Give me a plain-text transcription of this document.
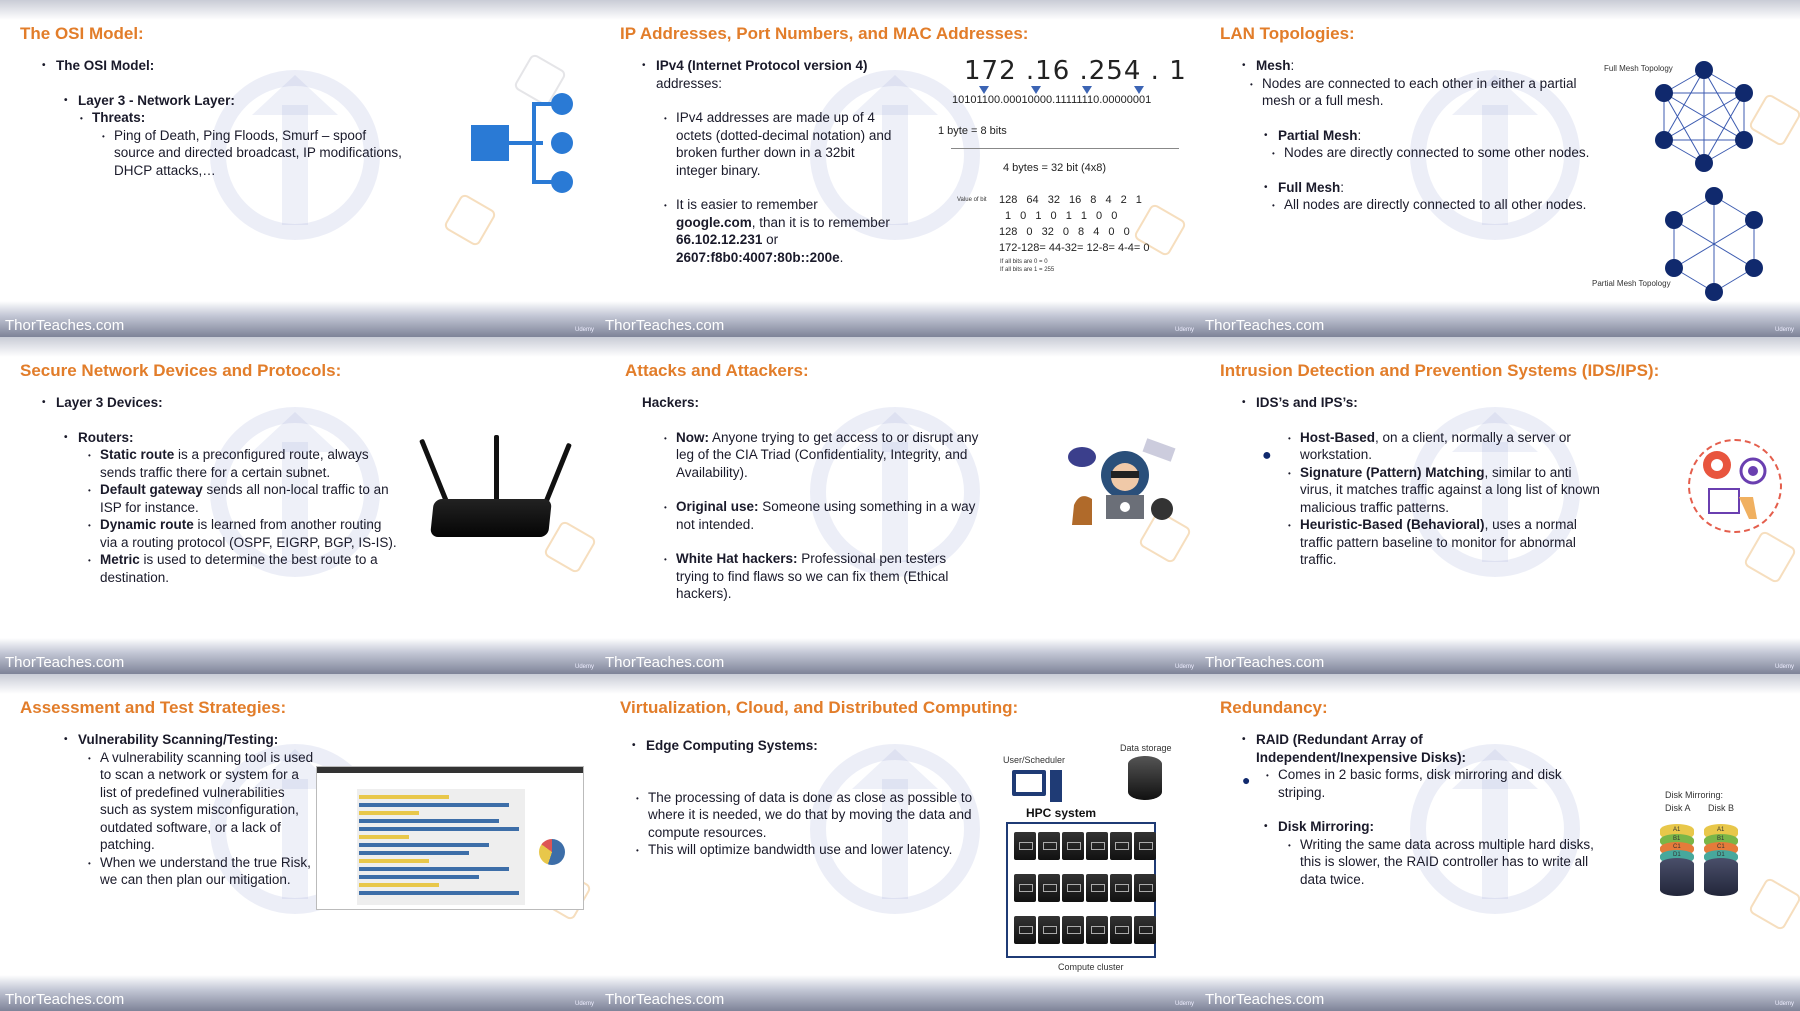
The OSI Model:
• The OSI Model:
• Layer 3 - Network Layer:
• Threats:
• Ping of Death, Ping Floods, Smurf – spoof source and directed broadcast, IP modifications, DHCP attacks,…
ThorTeaches.com	Udemy
IP Addresses, Port Numbers, and MAC Addresses:
• IPv4 (Internet Protocol version 4)
addresses:
• IPv4 addresses are made up of 4 octets (dotted-decimal notation) and broken further down in a 32bit integer binary.
• It is easier to remember
google.com, than it is to remember
66.102.12.231 or
2607:f8b0:4007:80b::200e.
172 .16 .254 . 1
10101100.00010000.11111110.00000001
1 byte = 8 bits
4 bytes = 32 bit (4x8)
Value of bit 128 64 32 16 8 4 2 1
1 0 1 0 1 1 0 0
128 0 32 0 8 4 0 0
172-128= 44-32= 12-8= 4-4= 0
If all bits are 0 = 0
If all bits are 1 = 255
ThorTeaches.com	Udemy
LAN Topologies:
• Mesh:
• Nodes are connected to each other in either a partial mesh or a full mesh.
• Partial Mesh:
• Nodes are directly connected to some other nodes.
• Full Mesh:
• All nodes are directly connected to all other nodes.
Full Mesh Topology
Partial Mesh Topology
ThorTeaches.com	Udemy
Secure Network Devices and Protocols:
• Layer 3 Devices:
• Routers:
• Static route is a preconfigured route, always sends traffic there for a certain subnet.
• Default gateway sends all non-local traffic to an ISP for instance.
• Dynamic route is learned from another routing via a routing protocol (OSPF, EIGRP, BGP, IS-IS).
• Metric is used to determine the best route to a destination.
ThorTeaches.com	Udemy
Attacks and Attackers:
Hackers:
• Now: Anyone trying to get access to or disrupt any leg of the CIA Triad (Confidentiality, Integrity, and Availability).
• Original use: Someone using something in a way not intended.
• White Hat hackers: Professional pen testers trying to find flaws so we can fix them (Ethical hackers).
ThorTeaches.com	Udemy
Intrusion Detection and Prevention Systems (IDS/IPS):
• IDS’s and IPS’s:
• Host-Based, on a client, normally a server or workstation.
• Signature (Pattern) Matching, similar to anti virus, it matches traffic against a long list of known malicious traffic patterns.
• Heuristic-Based (Behavioral), uses a normal traffic pattern baseline to monitor for abnormal traffic.
●
ThorTeaches.com	Udemy
Assessment and Test Strategies:
• Vulnerability Scanning/Testing:
• A vulnerability scanning tool is used to scan a network or system for a list of predefined vulnerabilities such as system misconfiguration, outdated software, or a lack of patching.
• When we understand the true Risk, we can then plan our mitigation.
ThorTeaches.com	Udemy
Virtualization, Cloud, and Distributed Computing:
• Edge Computing Systems:
• The processing of data is done as close as possible to where it is needed, we do that by moving the data and compute resources.
• This will optimize bandwidth use and lower latency.
User/Scheduler
Data storage
HPC system
Compute cluster
ThorTeaches.com	Udemy
Redundancy:
• RAID (Redundant Array of Independent/Inexpensive Disks):
• Comes in 2 basic forms, disk mirroring and disk striping.
• Disk Mirroring:
• Writing the same data across multiple hard disks, this is slower, the RAID controller has to write all data twice.
●
Disk Mirroring:
Disk A Disk B
A1
B1
C1
D1
A1
B1
C1
D1
ThorTeaches.com	Udemy
